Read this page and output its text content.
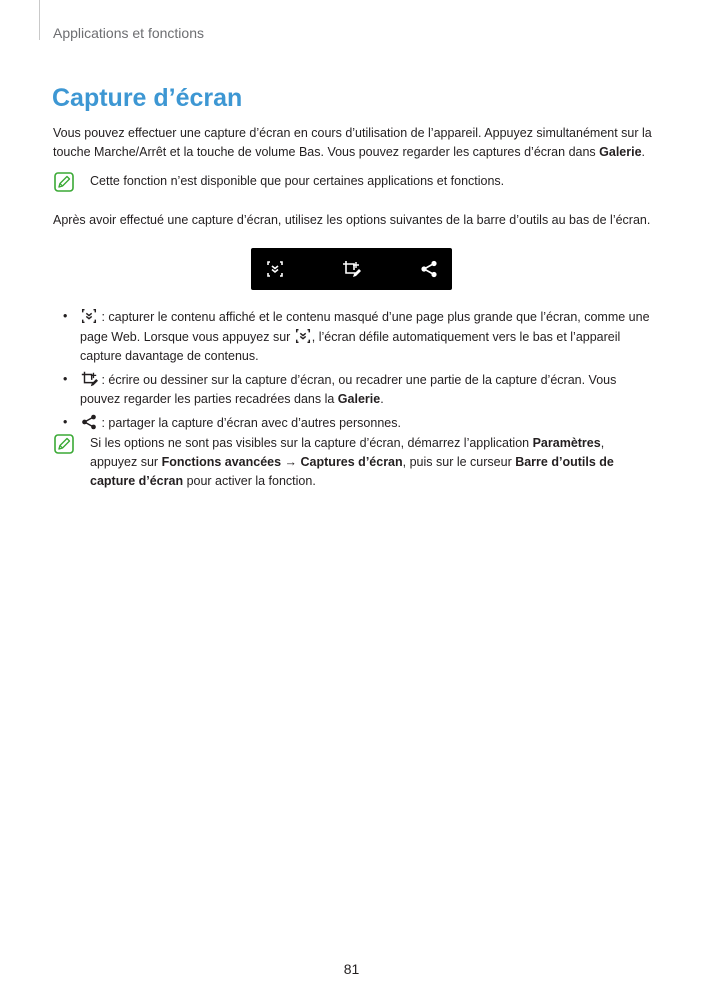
Applications et fonctions
Capture d’écran

Vous pouvez effectuer une capture d’écran en cours d’utilisation de l’appareil. Appuyez simultanément sur la touche Marche/Arrêt et la touche de volume Bas. Vous pouvez regarder les captures d’écran dans Galerie.

Cette fonction n’est disponible que pour certaines applications et fonctions.

Après avoir effectué une capture d’écran, utilisez les options suivantes de la barre d’outils au bas de l’écran.

• : capturer le contenu affiché et le contenu masqué d’une page plus grande que l’écran, comme une page Web. Lorsque vous appuyez sur , l’écran défile automatiquement vers le bas et l’appareil capture davantage de contenus.
• : écrire ou dessiner sur la capture d’écran, ou recadrer une partie de la capture d’écran. Vous pouvez regarder les parties recadrées dans la Galerie.
• : partager la capture d’écran avec d’autres personnes.

Si les options ne sont pas visibles sur la capture d’écran, démarrez l’application Paramètres, appuyez sur Fonctions avancées → Captures d’écran, puis sur le curseur Barre d’outils de capture d’écran pour activer la fonction.

81
